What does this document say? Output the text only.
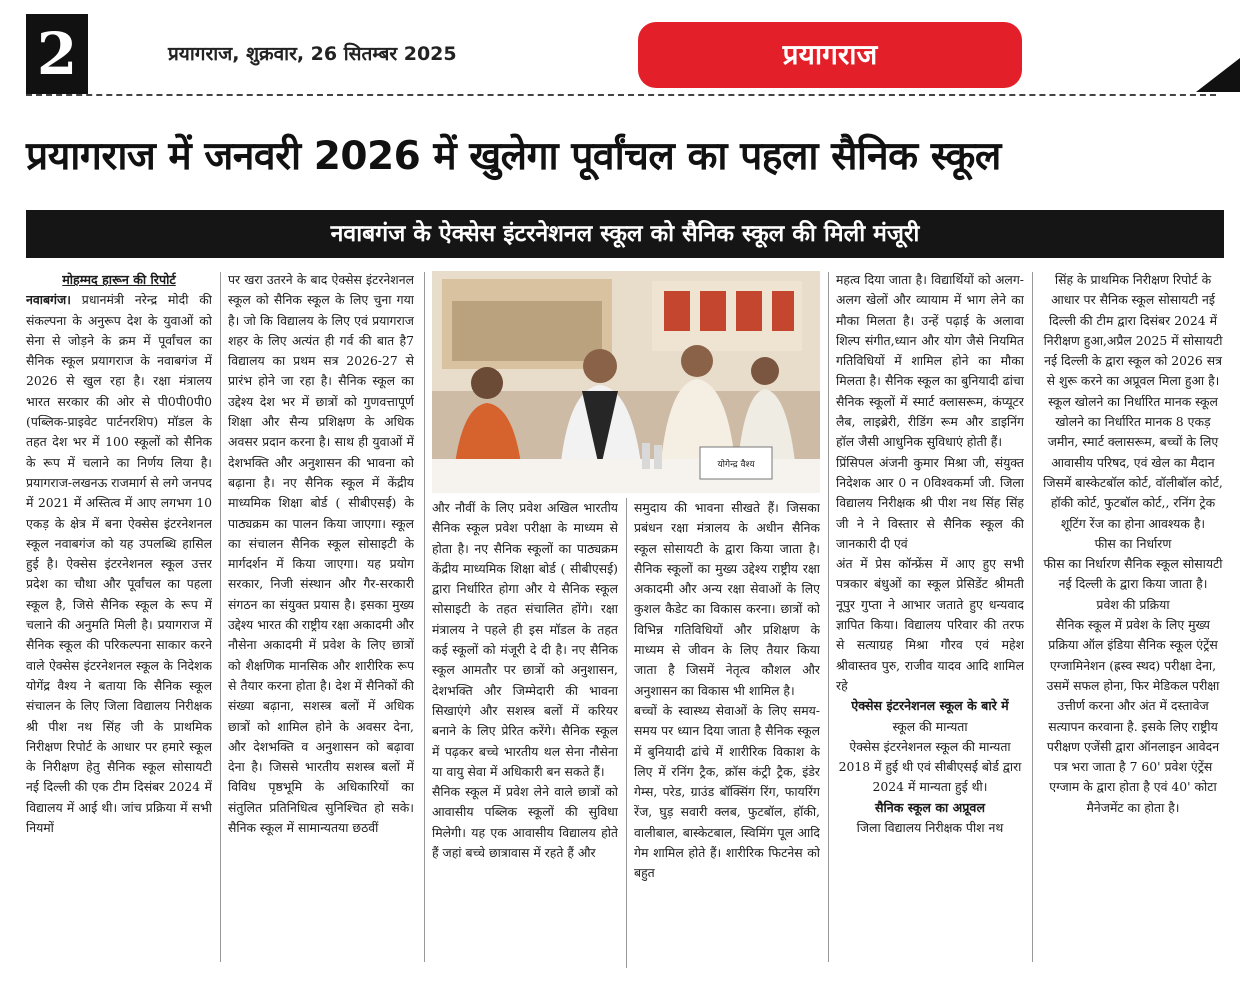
2	प्रयागराज, शुक्रवार, 26 सितम्बर 2025	प्रयागराज
प्रयागराज में जनवरी 2026 में खुलेगा पूर्वांचल का पहला सैनिक स्कूल
नवाबगंज के ऐक्सेस इंटरनेशनल स्कूल को सैनिक स्कूल की मिली मंजूरी

मोहम्मद हारून की रिपोर्ट

नवाबगंज। प्रधानमंत्री नरेन्द्र मोदी की संकल्पना के अनुरूप देश के युवाओं को सेना से जोड़ने के क्रम में पूर्वांचल का सैनिक स्कूल प्रयागराज के नवाबगंज में 2026 से खुल रहा है। रक्षा मंत्रालय भारत सरकार की ओर से पी0पी0पी0 (पब्लिक-प्राइवेट पार्टनरशिप) मॉडल के तहत देश भर में 100 स्कूलों को सैनिक के रूप में चलाने का निर्णय लिया है। प्रयागराज-लखनऊ राजमार्ग से लगे जनपद में 2021 में अस्तित्व में आए लगभग 10 एकड़ के क्षेत्र में बना ऐक्सेस इंटरनेशनल स्कूल नवाबगंज को यह उपलब्धि हासिल हुई है। ऐक्सेस इंटरनेशनल स्कूल उत्तर प्रदेश का चौथा और पूर्वांचल का पहला स्कूल है, जिसे सैनिक स्कूल के रूप में चलाने की अनुमति मिली है। प्रयागराज में सैनिक स्कूल की परिकल्पना साकार करने वाले ऐक्सेस इंटरनेशनल स्कूल के निदेशक योगेंद्र वैश्य ने बताया कि सैनिक स्कूल संचालन के लिए जिला विद्यालय निरीक्षक श्री पीश नथ सिंह जी के प्राथमिक निरीक्षण रिपोर्ट के आधार पर हमारे स्कूल के निरीक्षण हेतु सैनिक स्कूल सोसायटी नई दिल्ली की एक टीम दिसंबर 2024 में विद्यालय में आई थी। जांच प्रक्रिया में सभी नियमों

पर खरा उतरने के बाद ऐक्सेस इंटरनेशनल स्कूल को सैनिक स्कूल के लिए चुना गया है। जो कि विद्यालय के लिए एवं प्रयागराज शहर के लिए अत्यंत ही गर्व की बात है7 विद्यालय का प्रथम सत्र 2026-27 से प्रारंभ होने जा रहा है। सैनिक स्कूल का उद्देश्य देश भर में छात्रों को गुणवत्तापूर्ण शिक्षा और सैन्य प्रशिक्षण के अधिक अवसर प्रदान करना है। साथ ही युवाओं में देशभक्ति और अनुशासन की भावना को बढ़ाना है। नए सैनिक स्कूल में केंद्रीय माध्यमिक शिक्षा बोर्ड ( सीबीएसई) के पाठ्यक्रम का पालन किया जाएगा। स्कूल का संचालन सैनिक स्कूल सोसाइटी के मार्गदर्शन में किया जाएगा। यह प्रयोग सरकार, निजी संस्थान और गैर-सरकारी संगठन का संयुक्त प्रयास है। इसका मुख्य उद्देश्य भारत की राष्ट्रीय रक्षा अकादमी और नौसेना अकादमी में प्रवेश के लिए छात्रों को शैक्षणिक मानसिक और शारीरिक रूप से तैयार करना होता है। देश में सैनिकों की संख्या बढ़ाना, सशस्त्र बलों में अधिक छात्रों को शामिल होने के अवसर देना, और देशभक्ति व अनुशासन को बढ़ावा देना है। जिससे भारतीय सशस्त्र बलों में विविध पृष्ठभूमि के अधिकारियों का संतुलित प्रतिनिधित्व सुनिश्चित हो सके। सैनिक स्कूल में सामान्यतया छठवीं

योगेन्द्र वैश्य

और नौवीं के लिए प्रवेश अखिल भारतीय सैनिक स्कूल प्रवेश परीक्षा के माध्यम से होता है। नए सैनिक स्कूलों का पाठ्यक्रम केंद्रीय माध्यमिक शिक्षा बोर्ड ( सीबीएसई) द्वारा निर्धारित होगा और ये सैनिक स्कूल सोसाइटी के तहत संचालित होंगे। रक्षा मंत्रालय ने पहले ही इस मॉडल के तहत कई स्कूलों को मंजूरी दे दी है। नए सैनिक स्कूल आमतौर पर छात्रों को अनुशासन, देशभक्ति और जिम्मेदारी की भावना सिखाएंगे और सशस्त्र बलों में करियर बनाने के लिए प्रेरित करेंगे। सैनिक स्कूल में पढ़कर बच्चे भारतीय थल सेना नौसेना या वायु सेवा में अधिकारी बन सकते हैं।

सैनिक स्कूल में प्रवेश लेने वाले छात्रों को आवासीय पब्लिक स्कूलों की सुविधा मिलेगी। यह एक आवासीय विद्यालय होते हैं जहां बच्चे छात्रावास में रहते हैं और

समुदाय की भावना सीखते हैं। जिसका प्रबंधन रक्षा मंत्रालय के अधीन सैनिक स्कूल सोसायटी के द्वारा किया जाता है। सैनिक स्कूलों का मुख्य उद्देश्य राष्ट्रीय रक्षा अकादमी और अन्य रक्षा सेवाओं के लिए कुशल कैडेट का विकास करना। छात्रों को विभिन्न गतिविधियों और प्रशिक्षण के माध्यम से जीवन के लिए तैयार किया जाता है जिसमें नेतृत्व कौशल और अनुशासन का विकास भी शामिल है।

बच्चों के स्वास्थ्य सेवाओं के लिए समय-समय पर ध्यान दिया जाता है सैनिक स्कूल में बुनियादी ढांचे में शारीरिक विकाश के लिए में रनिंग ट्रैक, क्रॉस कंट्री ट्रैक, इंडेर गेम्स, परेड, ग्राउंड बॉक्सिंग रिंग, फायरिंग रेंज, घुड़ सवारी क्लब, फुटबॉल, हॉकी, वालीबाल, बास्केटबाल, स्विमिंग पूल आदि गेम शामिल होते हैं। शारीरिक फिटनेस को बहुत

महत्व दिया जाता है। विद्यार्थियों को अलग-अलग खेलों और व्यायाम में भाग लेने का मौका मिलता है। उन्हें पढ़ाई के अलावा शिल्प संगीत,ध्यान और योग जैसे नियमित गतिविधियों में शामिल होने का मौका मिलता है। सैनिक स्कूल का बुनियादी ढांचा सैनिक स्कूलों में स्मार्ट क्लासरूम, कंप्यूटर लैब, लाइब्रेरी, रीडिंग रूम और डाइनिंग हॉल जैसी आधुनिक सुविधाएं होती हैं।

प्रिंसिपल अंजनी कुमार मिश्रा जी, संयुक्त निदेशक आर 0 न 0विश्वकर्मा जी. जिला विद्यालय निरीक्षक श्री पीश नथ सिंह सिंह जी ने ने विस्तार से सैनिक स्कूल की जानकारी दी एवं

अंत में प्रेस कॉन्फ्रेंस में आए हुए सभी पत्रकार बंधुओं का स्कूल प्रेसिडेंट श्रीमती नूपुर गुप्ता ने आभार जताते हुए धन्यवाद ज्ञापित किया। विद्यालय परिवार की तरफ से सत्याग्रह मिश्रा गौरव एवं महेश श्रीवास्तव पुरु, राजीव यादव आदि शामिल रहे

ऐक्सेस इंटरनेशनल स्कूल के बारे में

स्कूल की मान्यता

ऐक्सेस इंटरनेशनल स्कूल की मान्यता 2018 में हुई थी एवं सीबीएसई बोर्ड द्वारा 2024 में मान्यता हुई थी।

सैनिक स्कूल का अप्रूवल

जिला विद्यालय निरीक्षक पीश नथ

सिंह के प्राथमिक निरीक्षण रिपोर्ट के आधार पर सैनिक स्कूल सोसायटी नई दिल्ली की टीम द्वारा दिसंबर 2024 में निरीक्षण हुआ,अप्रैल 2025 में सोसायटी नई दिल्ली के द्वारा स्कूल को 2026 सत्र से शुरू करने का अप्रूवल मिला हुआ है।

स्कूल खोलने का निर्धारित मानक स्कूल खोलने का निर्धारित मानक 8 एकड़ जमीन, स्मार्ट क्लासरूम, बच्चों के लिए आवासीय परिषद, एवं खेल का मैदान जिसमें बास्केटबॉल कोर्ट, वॉलीबॉल कोर्ट, हॉकी कोर्ट, फुटबॉल कोर्ट,, रनिंग ट्रेक शूटिंग रेंज का होना आवश्यक है।

फीस का निर्धारण

फीस का निर्धारण सैनिक स्कूल सोसायटी नई दिल्ली के द्वारा किया जाता है।

प्रवेश की प्रक्रिया

सैनिक स्कूल में प्रवेश के लिए मुख्य प्रक्रिया ऑल इंडिया सैनिक स्कूल एंट्रेंस एग्जामिनेशन (ह्रस्व स्थद) परीक्षा देना, उसमें सफल होना, फिर मेडिकल परीक्षा उत्तीर्ण करना और अंत में दस्तावेज सत्यापन करवाना है. इसके लिए राष्ट्रीय परीक्षण एजेंसी द्वारा ऑनलाइन आवेदन पत्र भरा जाता है 7 60' प्रवेश एंट्रेंस एग्जाम के द्वारा होता है एवं 40' कोटा मैनेजमेंट का होता है।
